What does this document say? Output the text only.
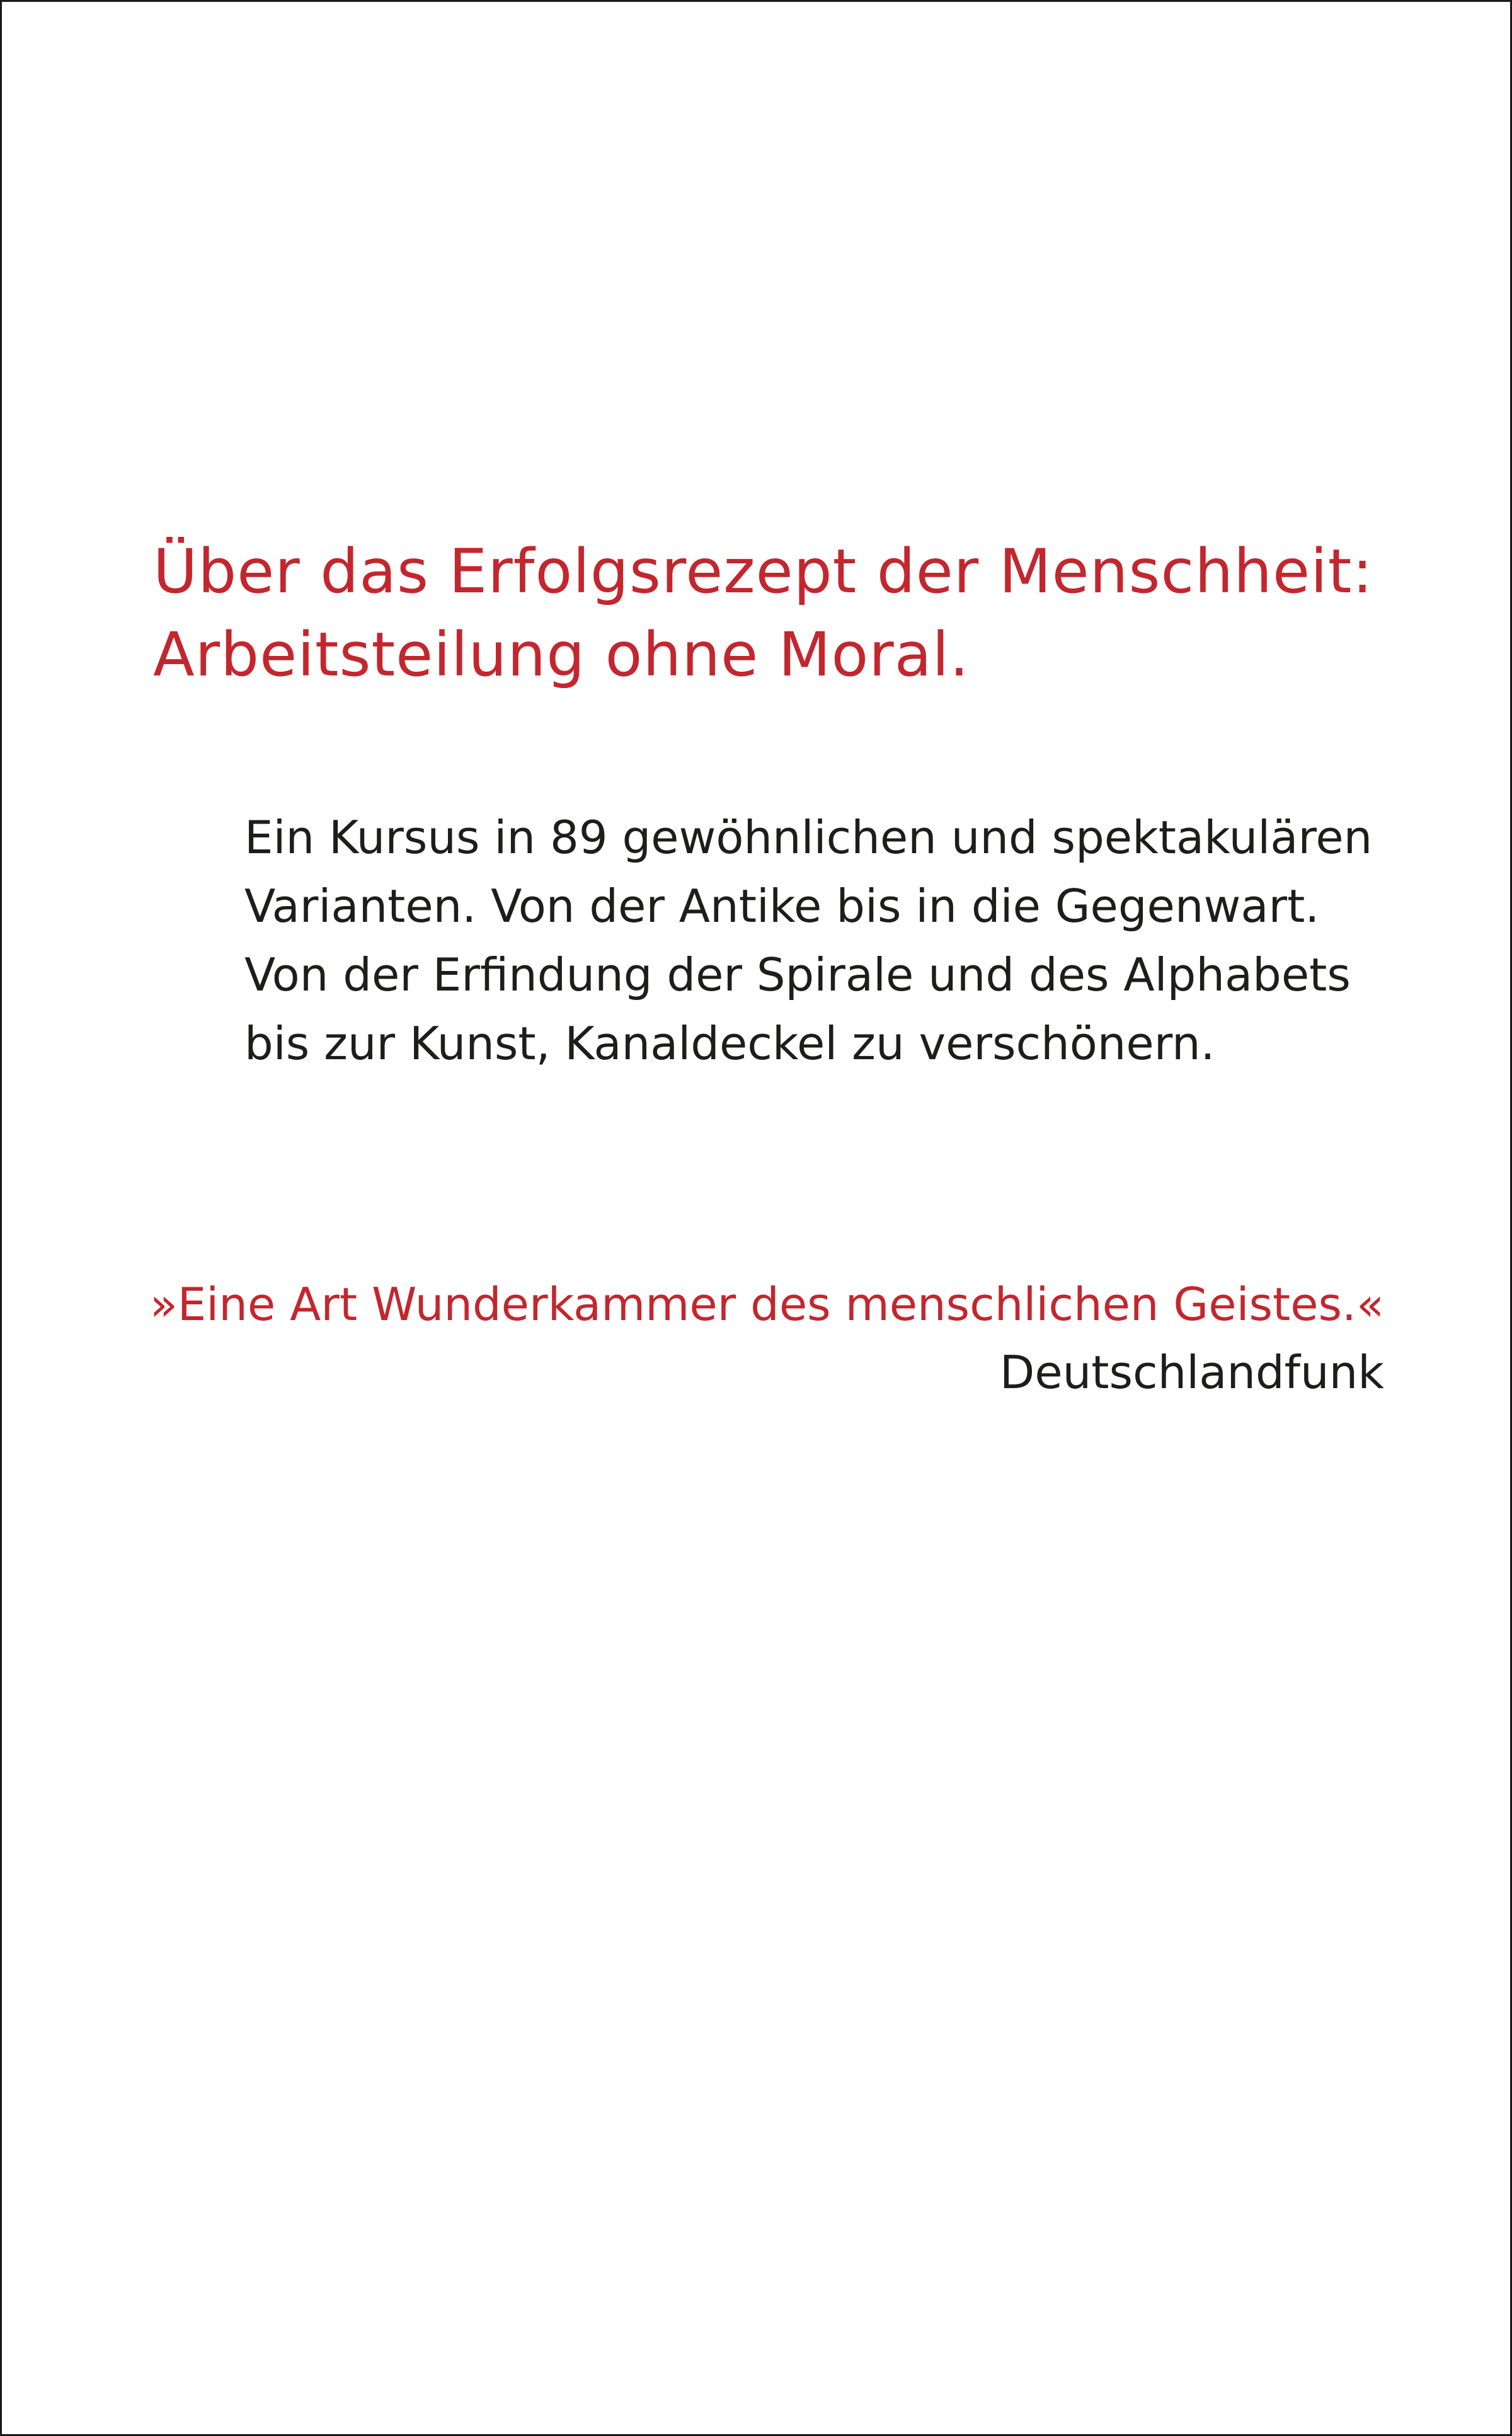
Über das Erfolgsrezept der Menschheit:
Arbeitsteilung ohne Moral.

Ein Kursus in 89 gewöhnlichen und spektakulären
Varianten. Von der Antike bis in die Gegenwart.
Von der Erfindung der Spirale und des Alphabets
bis zur Kunst, Kanaldeckel zu verschönern.

»Eine Art Wunderkammer des menschlichen Geistes.«

Deutschlandfunk
